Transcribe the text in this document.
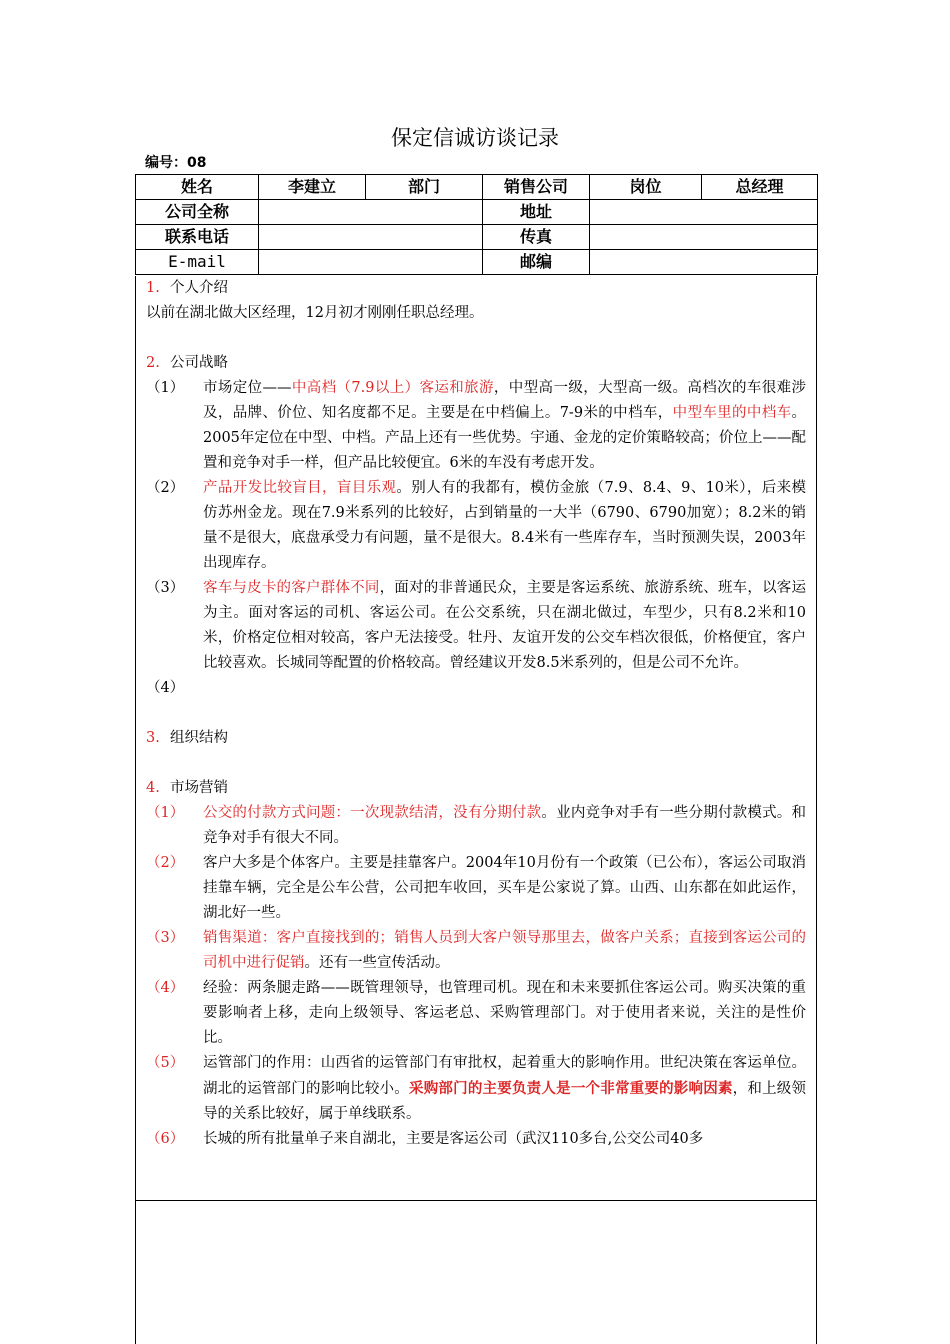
保定信诚访谈记录
编号：08
姓名	李建立	部门	销售公司	岗位	总经理
公司全称			地址		
联系电话			传真		
E-mail			邮编		
1. 个人介绍

以前在湖北做大区经理，12月初才刚刚任职总经理。

2. 公司战略
（1）	市场定位——中高档（7.9以上）客运和旅游，中型高一级，大型高一级。高档次的车很难涉及，品牌、价位、知名度都不足。主要是在中档偏上。7-9米的中档车，中型车里的中档车。2005年定位在中型、中档。产品上还有一些优势。宇通、金龙的定价策略较高；价位上——配置和竞争对手一样，但产品比较便宜。6米的车没有考虑开发。
（2）	产品开发比较盲目，盲目乐观。别人有的我都有，模仿金旅（7.9、8.4、9、10米），后来模仿苏州金龙。现在7.9米系列的比较好，占到销量的一大半（6790、6790加宽）；8.2米的销量不是很大，底盘承受力有问题，量不是很大。8.4米有一些库存车，当时预测失误，2003年出现库存。
（3）	客车与皮卡的客户群体不同，面对的非普通民众，主要是客运系统、旅游系统、班车，以客运为主。面对客运的司机、客运公司。在公交系统，只在湖北做过，车型少，只有8.2米和10米，价格定位相对较高，客户无法接受。牡丹、友谊开发的公交车档次很低，价格便宜，客户比较喜欢。长城同等配置的价格较高。曾经建议开发8.5米系列的，但是公司不允许。
（4）
3. 组织结构
4. 市场营销
（1）	公交的付款方式问题：一次现款结清，没有分期付款。业内竞争对手有一些分期付款模式。和竞争对手有很大不同。
（2）	客户大多是个体客户。主要是挂靠客户。2004年10月份有一个政策（已公布），客运公司取消挂靠车辆，完全是公车公营，公司把车收回，买车是公家说了算。山西、山东都在如此运作，湖北好一些。
（3）	销售渠道：客户直接找到的；销售人员到大客户领导那里去，做客户关系；直接到客运公司的司机中进行促销。还有一些宣传活动。
（4）	经验：两条腿走路——既管理领导，也管理司机。现在和未来要抓住客运公司。购买决策的重要影响者上移，走向上级领导、客运老总、采购管理部门。对于使用者来说，关注的是性价比。
（5）	运管部门的作用：山西省的运管部门有审批权，起着重大的影响作用。世纪决策在客运单位。湖北的运管部门的影响比较小。采购部门的主要负责人是一个非常重要的影响因素，和上级领导的关系比较好，属于单线联系。
（6）	长城的所有批量单子来自湖北，主要是客运公司（武汉110多台,公交公司40多
